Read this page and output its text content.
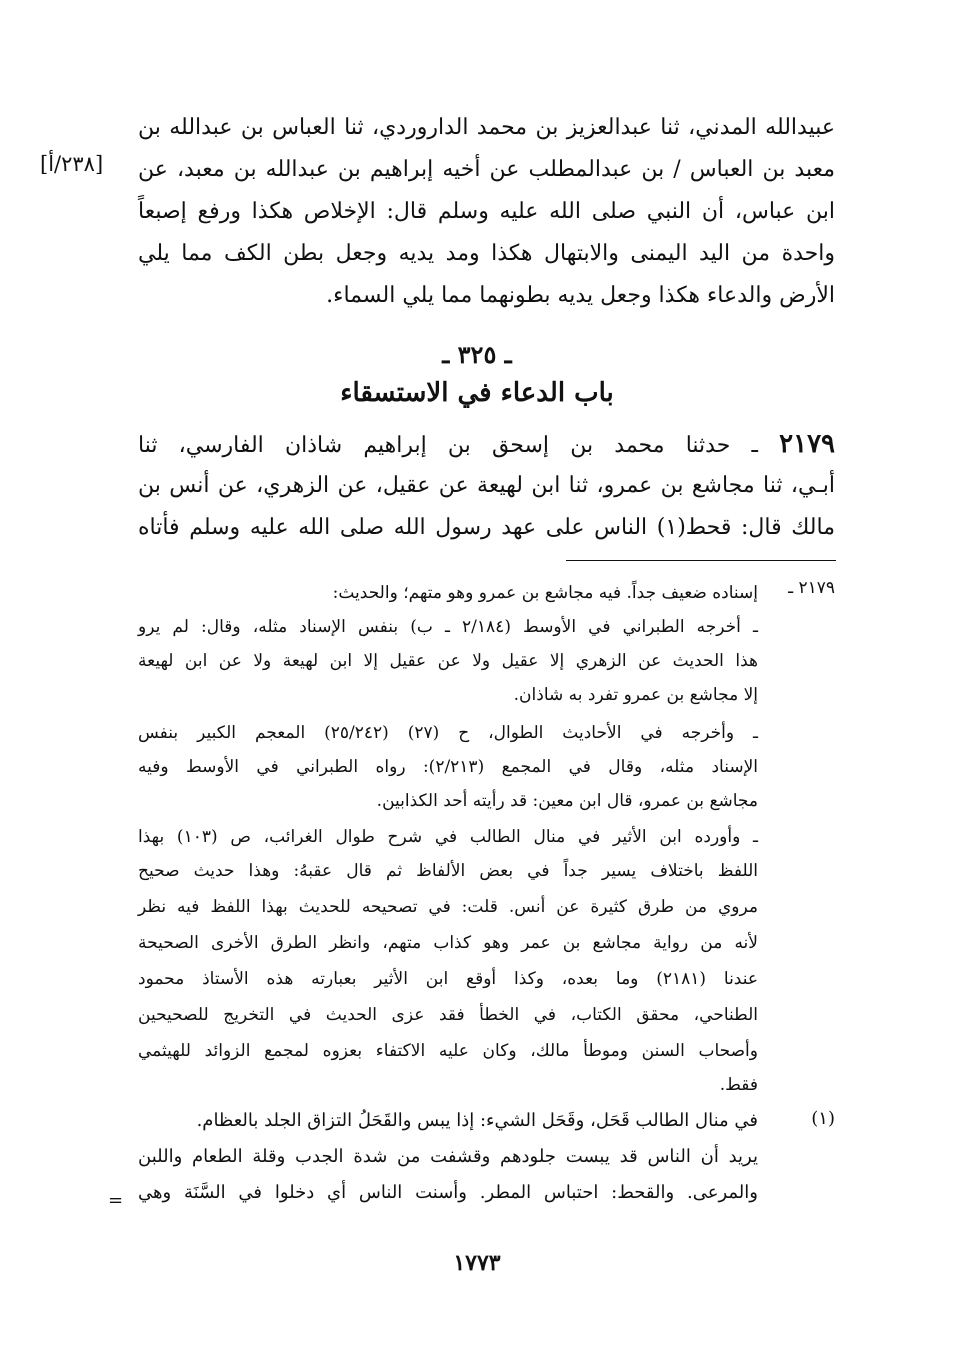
عبيدالله المدني، ثنا عبدالعزيز بن محمد الداروردي، ثنا العباس بن عبدالله بن
معبد بن العباس / بن عبدالمطلب عن أخيه إبراهيم بن عبدالله بن معبد، عن
ابن عباس، أن النبي صلى الله عليه وسلم قال: الإخلاص هكذا ورفع إصبعاً
واحدة من اليد اليمنى والابتهال هكذا ومد يديه وجعل بطن الكف مما يلي
الأرض والدعاء هكذا وجعل يديه بطونهما مما يلي السماء.
[٢٣٨/أ]
ـ ٣٢٥ ـ
باب الدعاء في الاستسقاء
٢١٧٩ ـ حدثنا محمد بن إسحق بن إبراهيم شاذان الفارسي، ثنا
أبـي، ثنا مجاشع بن عمرو، ثنا ابن لهيعة عن عقيل، عن الزهري، عن أنس بن
مالك قال: قحط(١) الناس على عهد رسول الله صلى الله عليه وسلم فأتاه
٢١٧٩ ـ
إسناده ضعيف جداً. فيه مجاشع بن عمرو وهو متهم؛ والحديث:
ـ أخرجه الطبراني في الأوسط (٢/١٨٤ ـ ب) بنفس الإسناد مثله، وقال: لم يرو
هذا الحديث عن الزهري إلا عقيل ولا عن عقيل إلا ابن لهيعة ولا عن ابن لهيعة
إلا مجاشع بن عمرو تفرد به شاذان.
ـ وأخرجه في الأحاديث الطوال، ح (٢٧) (٢٥/٢٤٢) المعجم الكبير بنفس
الإسناد مثله، وقال في المجمع (٢/٢١٣): رواه الطبراني في الأوسط وفيه
مجاشع بن عمرو، قال ابن معين: قد رأيته أحد الكذابين.
ـ وأورده ابن الأثير في منال الطالب في شرح طوال الغرائب، ص (١٠٣) بهذا
اللفظ باختلاف يسير جداً في بعض الألفاظ ثم قال عقبهُ: وهذا حديث صحيح
مروي من طرق كثيرة عن أنس. قلت: في تصحيحه للحديث بهذا اللفظ فيه نظر
لأنه من رواية مجاشع بن عمر وهو كذاب متهم، وانظر الطرق الأخرى الصحيحة
عندنا (٢١٨١) وما بعده، وكذا أوقع ابن الأثير بعبارته هذه الأستاذ محمود
الطناحي، محقق الكتاب، في الخطأ فقد عزى الحديث في التخريج للصحيحين
وأصحاب السنن وموطأ مالك، وكان عليه الاكتفاء بعزوه لمجمع الزوائد للهيثمي
فقط.
(١)
في منال الطالب قَحَل، وقَحَل الشيء: إذا يبس والقَحَلُ التزاق الجلد بالعظام.
يريد أن الناس قد يبست جلودهم وقشفت من شدة الجدب وقلة الطعام واللبن
والمرعى. والقحط: احتباس المطر. وأسنت الناس أي دخلوا في السَّنَة وهي
=
١٧٧٣
